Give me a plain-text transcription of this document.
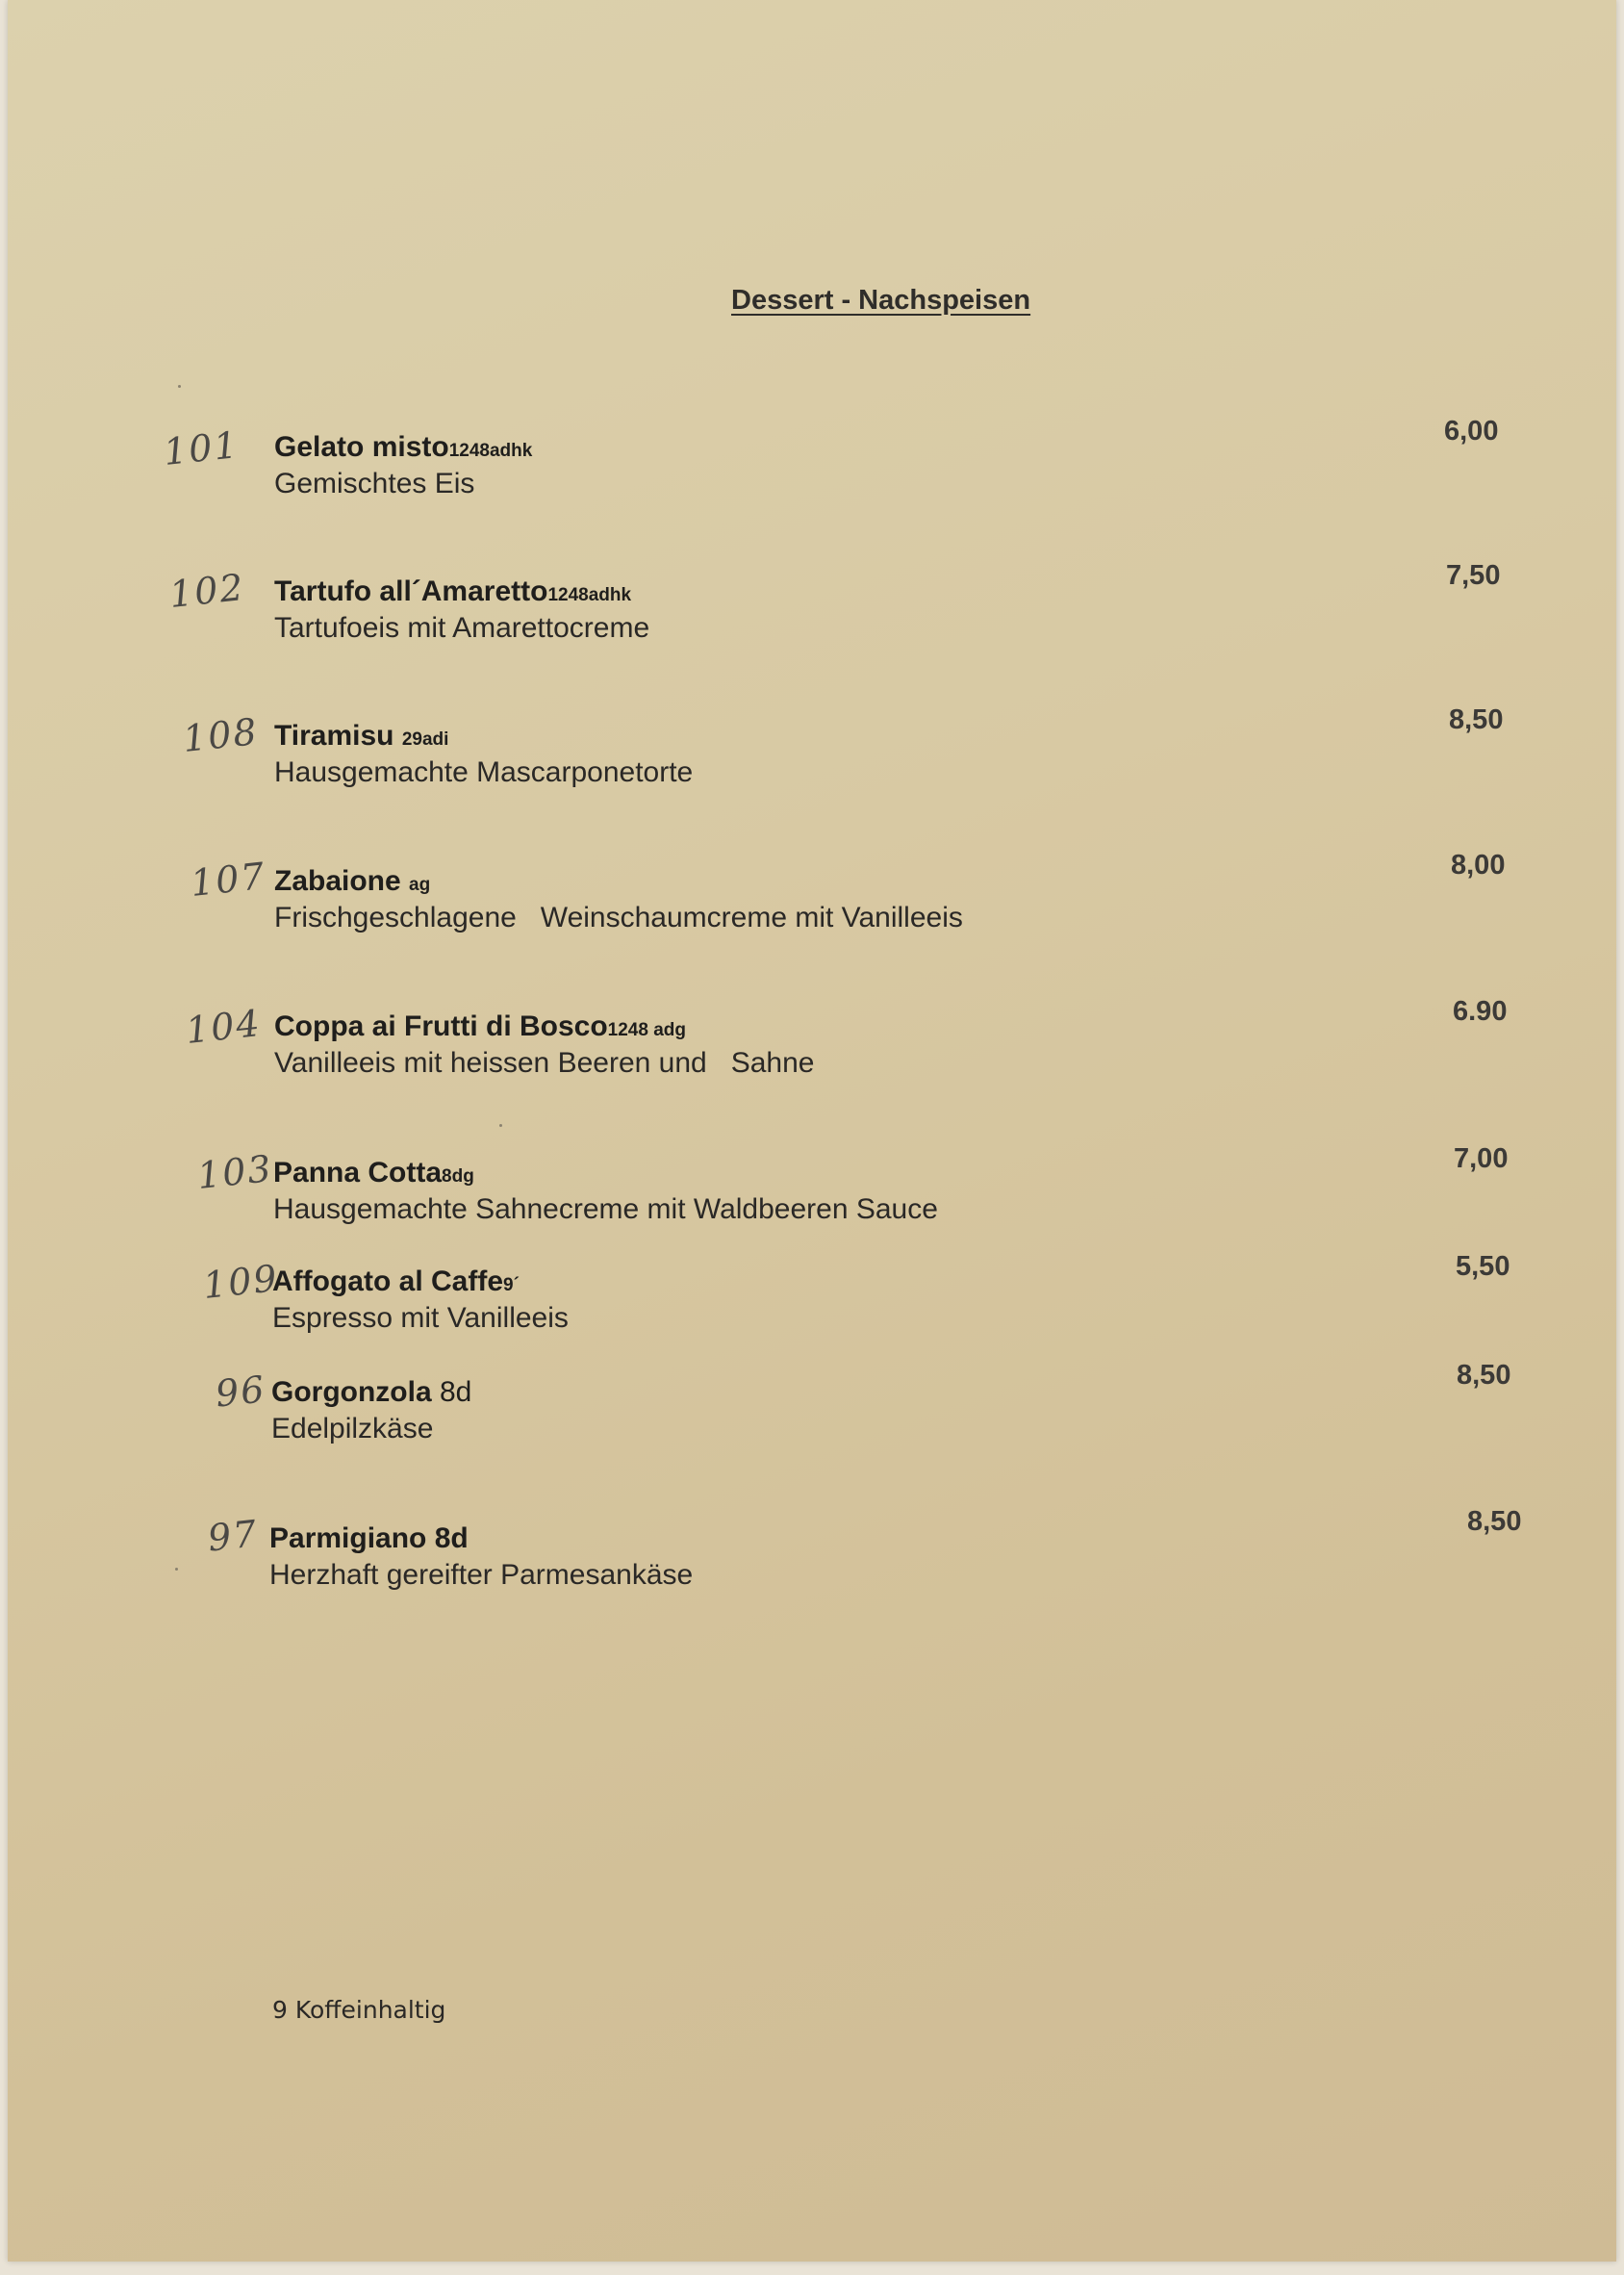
Dessert - Nachspeisen
101 Gelato misto1248adhk
Gemischtes Eis
6,00
102 Tartufo all´Amaretto1248adhk
Tartufoeis mit Amarettocreme
7,50
108 Tiramisu 29adi
Hausgemachte Mascarponetorte
8,50
107 Zabaione ag
Frischgeschlagene   Weinschaumcreme mit Vanilleeis
8,00
104 Coppa ai Frutti di Bosco1248 adg
Vanilleeis mit heissen Beeren und   Sahne
6.90
103
Panna Cotta8dg
Hausgemachte Sahnecreme mit Waldbeeren Sauce
7,00
109
Affogato al Caffe9´
Espresso mit Vanilleeis
5,50
96 Gorgonzola 8d
Edelpilzkäse
8,50
97 Parmigiano 8d
Herzhaft gereifter Parmesankäse
8,50
9 Koffeinhaltig
